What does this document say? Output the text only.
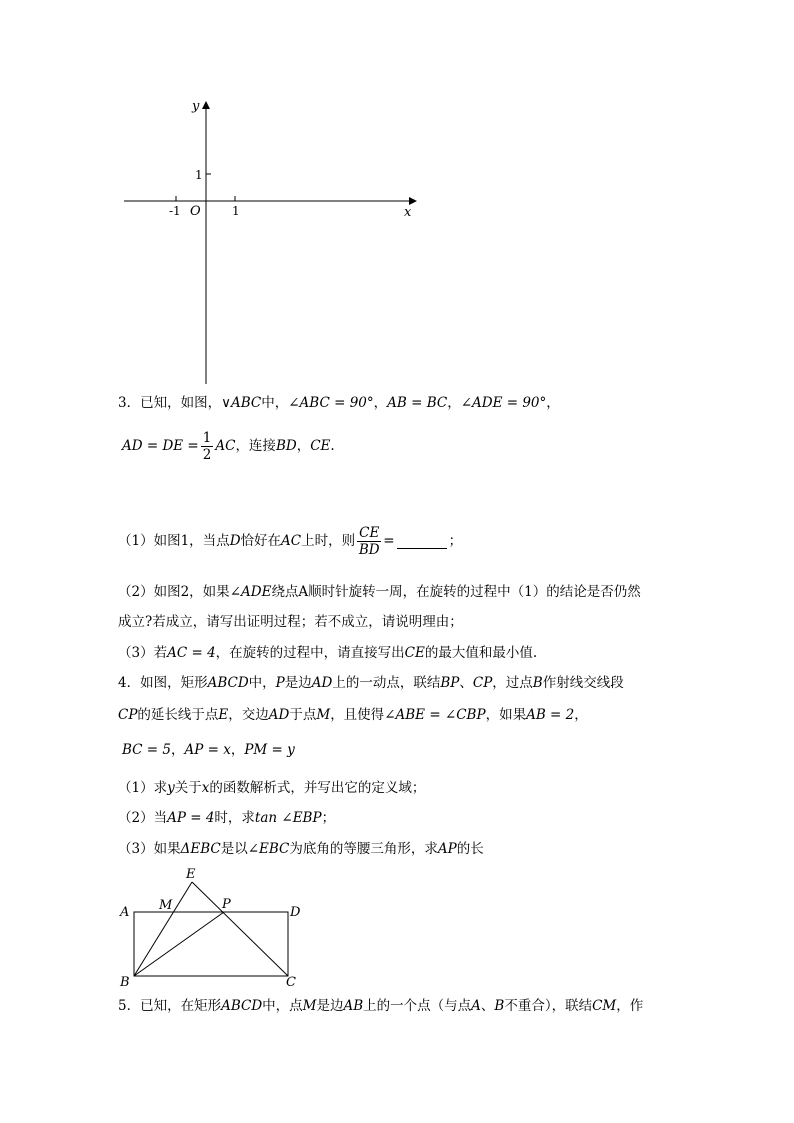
y
x
1
-1 O	1
3．已知，如图，∨ABC中，∠ABC = 90°，AB = BC，∠ADE = 90°，
AD = DE = $\frac{1}{2}$ AC，连接BD，CE.
（1）如图1，当点D恰好在AC上时，则 $\frac{CE}{BD}$ =	；
（2）如图2，如果∠ADE绕点A顺时针旋转一周，在旋转的过程中（1）的结论是否仍然
成立?若成立，请写出证明过程；若不成立，请说明理由；
（3）若AC = 4，在旋转的过程中，请直接写出CE的最大值和最小值.
4．如图，矩形ABCD中，P是边AD上的一动点，联结BP、CP，过点B作射线交线段
CP的延长线于点E，交边AD于点M，且使得∠ABE = ∠CBP，如果AB = 2，
BC = 5，AP = x，PM = y
（1）求y关于x的函数解析式，并写出它的定义域；
（2）当AP = 4时，求tan ∠EBP；
（3）如果ΔEBC是以∠EBC为底角的等腰三角形，求AP的长
E
M	P
A	D
B	C
5．已知，在矩形ABCD中，点M是边AB上的一个点（与点A、B不重合），联结CM，作
